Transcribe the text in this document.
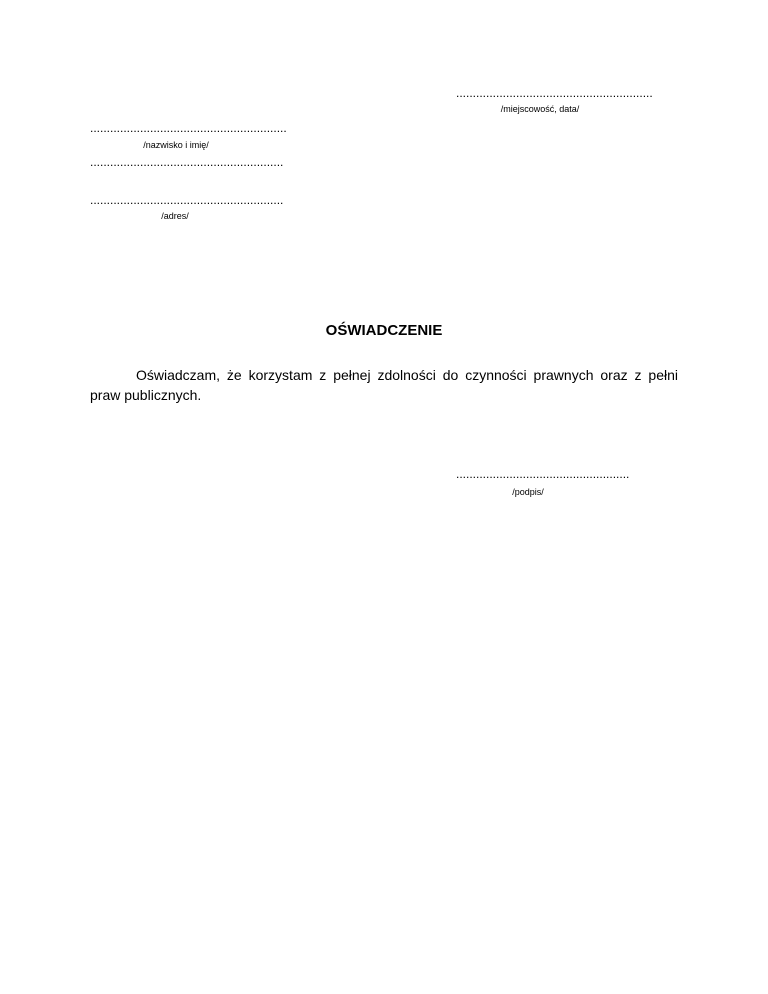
...........................................................
/miejscowość, data/
...........................................................
/nazwisko i imię/
..........................................................
..........................................................
/adres/
OŚWIADCZENIE
Oświadczam, że korzystam z pełnej zdolności do czynności prawnych oraz z pełni praw publicznych.
....................................................
/podpis/
